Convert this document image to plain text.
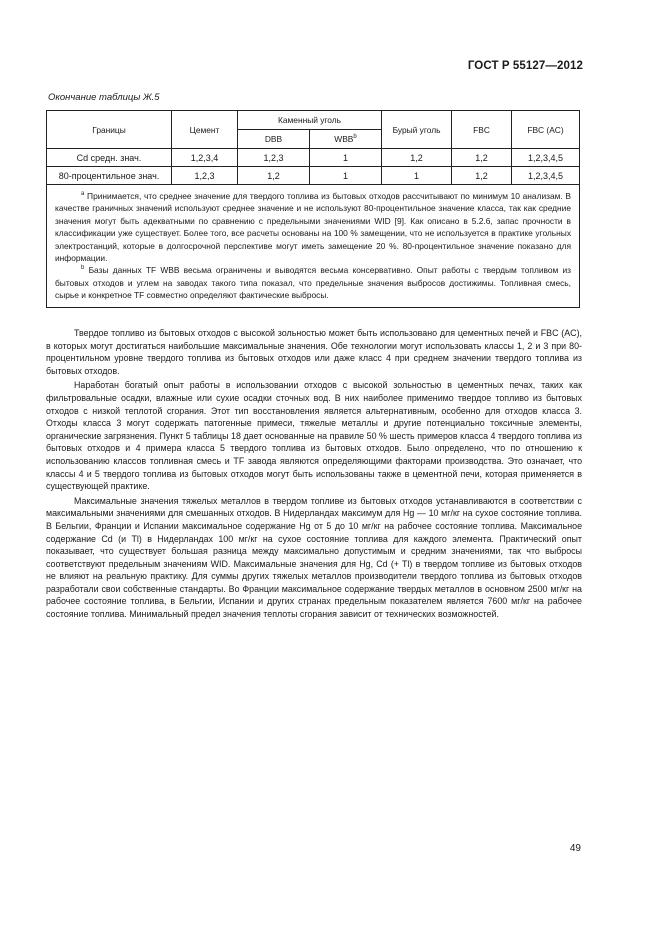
ГОСТ Р 55127—2012
Окончание таблицы Ж.5
Границы	Цемент	Каменный уголь		Бурый уголь	FBC	FBC (AC)
		DBB	WBB$^b$
Cd средн. знач.	1,2,3,4	1,2,3	1	1,2	1,2	1,2,3,4,5
80-процентильное знач.	1,2,3	1,2	1	1	1,2	1,2,3,4,5

$^a$ Принимается, что среднее значение для твердого топлива из бытовых отходов рассчитывают по минимум 10 анализам. В качестве граничных значений используют среднее значение и не используют 80-процентильное значение класса, так как средние значения могут быть адекватными по сравнению с предельными значениями WID [9]. Как описано в 5.2.6, запас прочности в классификации уже существует. Более того, все расчеты основаны на 100 % замещении, что не используется в практике угольных электростанций, которые в долгосрочной перспективе могут иметь замещение 20 %. 80-процентильное значение показано для информации.

$^b$ Базы данных TF WBB весьма ограничены и выводятся весьма консервативно. Опыт работы с твердым топливом из бытовых отходов и углем на заводах такого типа показал, что предельные значения выбросов достижимы. Топливная смесь, сырье и конкретное TF совместно определяют фактические выбросы.						

Твердое топливо из бытовых отходов с высокой зольностью может быть использовано для цементных печей и FBC (AC), в которых могут достигаться наибольшие максимальные значения. Обе технологии могут использовать классы 1, 2 и 3 при 80-процентильном уровне твердого топлива из бытовых отходов или даже класс 4 при среднем значении твердого топлива из бытовых отходов.

Наработан богатый опыт работы в использовании отходов с высокой зольностью в цементных печах, таких как фильтровальные осадки, влажные или сухие осадки сточных вод. В них наиболее применимо твердое топливо из бытовых отходов с низкой теплотой сгорания. Этот тип восстановления является альтернативным, особенно для отходов класса 3. Отходы класса 3 могут содержать патогенные примеси, тяжелые металлы и другие потенциально токсичные элементы, органические загрязнения. Пункт 5 таблицы 18 дает основанные на правиле 50 % шесть примеров класса 4 твердого топлива из бытовых отходов и 4 примера класса 5 твердого топлива из бытовых отходов. Было определено, что по отношению к использованию классов топливная смесь и TF завода являются определяющими факторами производства. Это означает, что классы 4 и 5 твердого топлива из бытовых отходов могут быть использованы также в цементной печи, которая применяется в существующей практике.

Максимальные значения тяжелых металлов в твердом топливе из бытовых отходов устанавливаются в соответствии с максимальными значениями для смешанных отходов. В Нидерландах максимум для Hg — 10 мг/кг на сухое состояние топлива. В Бельгии, Франции и Испании максимальное содержание Hg от 5 до 10 мг/кг на рабочее состояние топлива. Максимальное содержание Cd (и Tl) в Нидерландах 100 мг/кг на сухое состояние топлива для каждого элемента. Практический опыт показывает, что существует большая разница между максимально допустимым и средним значениями, так что выбросы соответствуют предельным значениям WID. Максимальные значения для Hg, Cd (+ Tl) в твердом топливе из бытовых отходов не влияют на реальную практику. Для суммы других тяжелых металлов производители твердого топлива из бытовых отходов разработали свои собственные стандарты. Во Франции максимальное содержание твердых металлов в основном 2500 мг/кг на рабочее состояние топлива, в Бельгии, Испании и других странах предельным показателем является 7600 мг/кг на рабочее состояние топлива. Минимальный предел значения теплоты сгорания зависит от технических возможностей.

49
